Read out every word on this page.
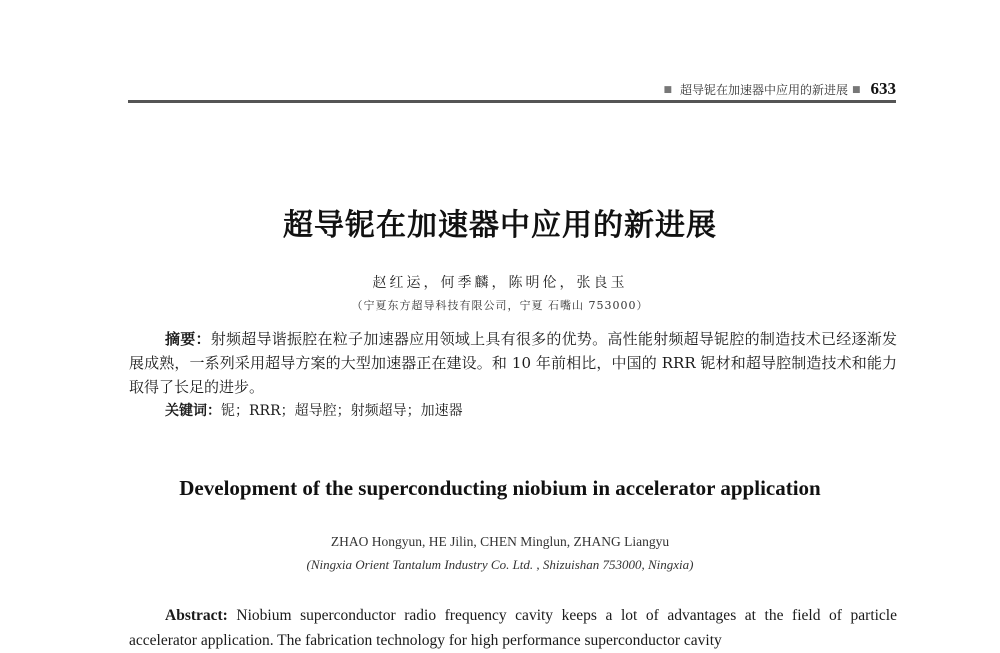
■ 超导铌在加速器中应用的新进展 ■ 633
超导铌在加速器中应用的新进展
赵红运，何季麟，陈明伦，张良玉
（宁夏东方超导科技有限公司，宁夏 石嘴山 753000）
摘要：射频超导谐振腔在粒子加速器应用领域上具有很多的优势。高性能射频超导铌腔的制造技术已经逐渐发展成熟，一系列采用超导方案的大型加速器正在建设。和 10 年前相比，中国的 RRR 铌材和超导腔制造技术和能力取得了长足的进步。
关键词：铌；RRR；超导腔；射频超导；加速器
Development of the superconducting niobium in accelerator application
ZHAO Hongyun, HE Jilin, CHEN Minglun, ZHANG Liangyu
(Ningxia Orient Tantalum Industry Co. Ltd. , Shizuishan 753000, Ningxia)
Abstract: Niobium superconductor radio frequency cavity keeps a lot of advantages at the field of particle accelerator application. The fabrication technology for high performance superconductor cavity
